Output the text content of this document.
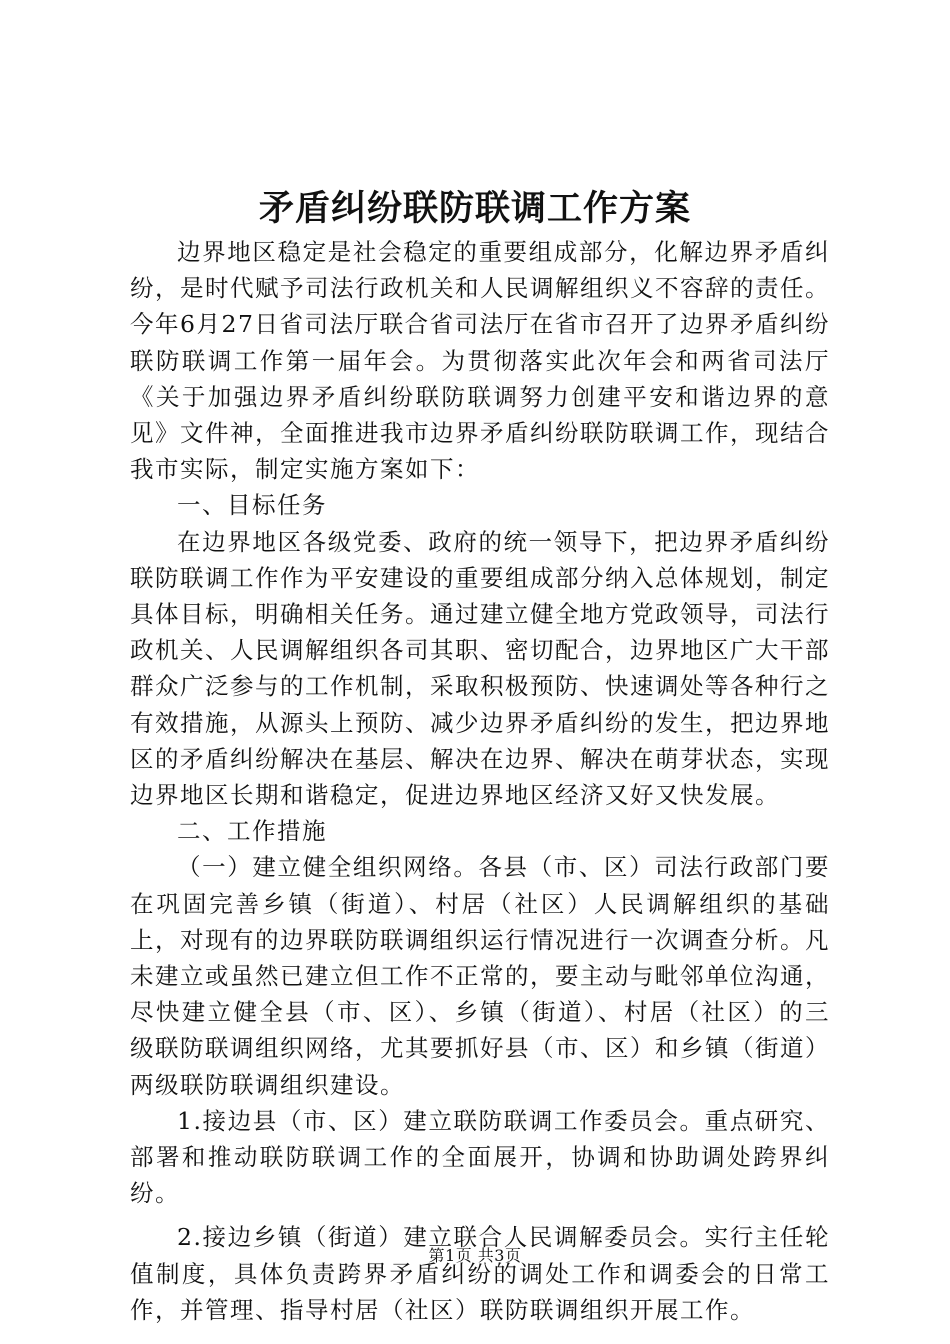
矛盾纠纷联防联调工作方案

边界地区稳定是社会稳定的重要组成部分，化解边界矛盾纠纷，是时代赋予司法行政机关和人民调解组织义不容辞的责任。今年6月27日省司法厅联合省司法厅在省市召开了边界矛盾纠纷联防联调工作第一届年会。为贯彻落实此次年会和两省司法厅《关于加强边界矛盾纠纷联防联调努力创建平安和谐边界的意见》文件神，全面推进我市边界矛盾纠纷联防联调工作，现结合我市实际，制定实施方案如下：

一、目标任务

在边界地区各级党委、政府的统一领导下，把边界矛盾纠纷联防联调工作作为平安建设的重要组成部分纳入总体规划，制定具体目标，明确相关任务。通过建立健全地方党政领导，司法行政机关、人民调解组织各司其职、密切配合，边界地区广大干部群众广泛参与的工作机制，采取积极预防、快速调处等各种行之有效措施，从源头上预防、减少边界矛盾纠纷的发生，把边界地区的矛盾纠纷解决在基层、解决在边界、解决在萌芽状态，实现边界地区长期和谐稳定，促进边界地区经济又好又快发展。

二、工作措施

（一）建立健全组织网络。各县（市、区）司法行政部门要在巩固完善乡镇（街道）、村居（社区）人民调解组织的基础上，对现有的边界联防联调组织运行情况进行一次调查分析。凡未建立或虽然已建立但工作不正常的，要主动与毗邻单位沟通，尽快建立健全县（市、区）、乡镇（街道）、村居（社区）的三级联防联调组织网络，尤其要抓好县（市、区）和乡镇（街道）两级联防联调组织建设。

1.接边县（市、区）建立联防联调工作委员会。重点研究、部署和推动联防联调工作的全面展开，协调和协助调处跨界纠纷。

2.接边乡镇（街道）建立联合人民调解委员会。实行主任轮值制度，具体负责跨界矛盾纠纷的调处工作和调委会的日常工作，并管理、指导村居（社区）联防联调组织开展工作。

第1页 共3页
